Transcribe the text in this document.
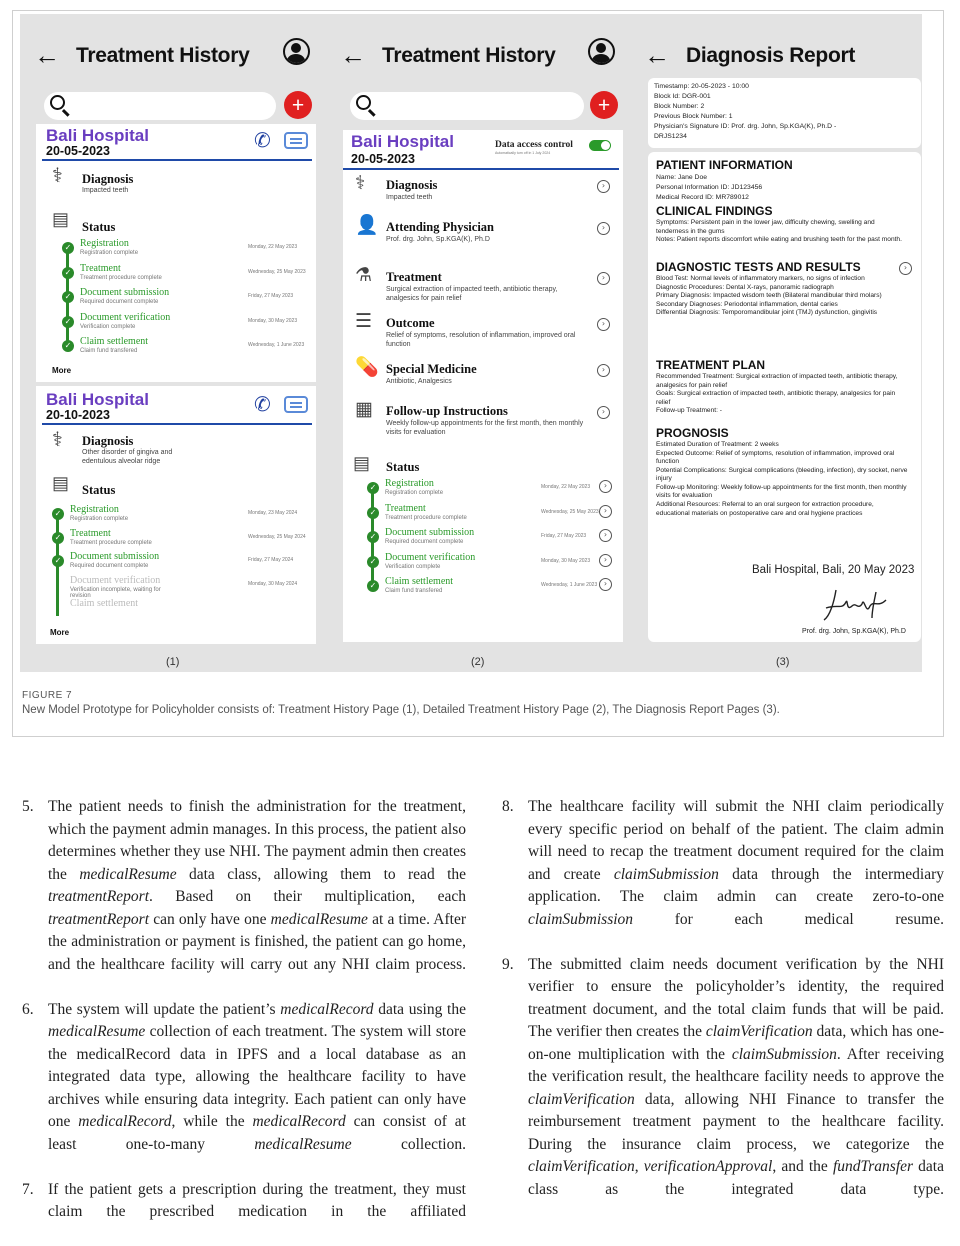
← Treatment History
+
Bali Hospital
20-05-2023	✆
⚕ Diagnosis
Impacted teeth
▤ Status
✓ Registration
Registration complete
Monday, 22 May 2023
✓ Treatment
Treatment procedure complete
Wednesday, 25 May 2023
✓ Document submission
Required document complete
Friday, 27 May 2023
✓ Document verification
Verification complete
Monday, 30 May 2023
✓ Claim settlement
Claim fund transfered
Wednesday, 1 June 2023
More
Bali Hospital
20-10-2023	✆
⚕ Diagnosis
Other disorder of gingiva and edentulous alveolar ridge
▤ Status
✓ Registration
Registration complete
Monday, 23 May 2024
✓ Treatment
Treatment procedure complete
Wednesday, 25 May 2024
✓ Document submission
Required document complete
Friday, 27 May 2024
Document verification
Verification incomplete, waiting for revision
Monday, 30 May 2024
Claim settlement
More
(1)
← Treatment History
+
Bali Hospital
20-05-2023
Data access control
Automatically turn off in 1 July 2024
⚕ Diagnosis
Impacted teeth
›
👤 Attending Physician
Prof. drg. John, Sp.KGA(K), Ph.D
›
⚗ Treatment
Surgical extraction of impacted teeth, antibiotic therapy, analgesics for pain relief
›
☰ Outcome
Relief of symptoms, resolution of inflammation, improved oral function
›
💊 Special Medicine
Antibiotic, Analgesics
›
▦ Follow-up Instructions
Weekly follow-up appointments for the first month, then monthly visits for evaluation
›
▤ Status
✓ Registration
Registration complete
Monday, 22 May 2023	›
✓ Treatment
Treatment procedure complete
Wednesday, 25 May 2023 ›
✓ Document submission
Required document complete
Friday, 27 May 2023	›
✓ Document verification
Verification complete
Monday, 30 May 2023	›
✓ Claim settlement
Claim fund transfered
Wednesday, 1 June 2023 ›
(2)
← Diagnosis Report
Timestamp: 20-05-2023 - 10:00
Block Id: DGR-001
Block Number: 2
Previous Block Number: 1
Physician's Signature ID: Prof. drg. John, Sp.KGA(K), Ph.D -
DRJS1234
PATIENT INFORMATION
Name: Jane Doe
Personal Information ID: JD123456
Medical Record ID: MR789012
CLINICAL FINDINGS
Symptoms: Persistent pain in the lower jaw, difficulty chewing, swelling and tenderness in the gums
Notes: Patient reports discomfort while eating and brushing teeth for the past month.
DIAGNOSTIC TESTS AND RESULTS	›
Blood Test: Normal levels of inflammatory markers, no signs of infection
Diagnostic Procedures: Dental X-rays, panoramic radiograph
Primary Diagnosis: Impacted wisdom teeth (Bilateral mandibular third molars)
Secondary Diagnoses: Periodontal inflammation, dental caries
Differential Diagnosis: Temporomandibular joint (TMJ) dysfunction, gingivitis
TREATMENT PLAN
Recommended Treatment: Surgical extraction of impacted teeth, antibiotic therapy, analgesics for pain relief
Goals: Surgical extraction of impacted teeth, antibiotic therapy, analgesics for pain relief
Follow-up Treatment: -
PROGNOSIS
Estimated Duration of Treatment: 2 weeks
Expected Outcome: Relief of symptoms, resolution of inflammation, improved oral function
Potential Complications: Surgical complications (bleeding, infection), dry socket, nerve injury
Follow-up Monitoring: Weekly follow-up appointments for the first month, then monthly visits for evaluation
Additional Resources: Referral to an oral surgeon for extraction procedure, educational materials on postoperative care and oral hygiene practices
Bali Hospital, Bali, 20 May 2023
Prof. drg. John, Sp.KGA(K), Ph.D
(3)
FIGURE 7
New Model Prototype for Policyholder consists of: Treatment History Page (1), Detailed Treatment History Page (2), The Diagnosis Report Pages (3).
5. The patient needs to finish the administration for the treatment, which the payment admin manages. In this process, the patient also determines whether they use NHI. The payment admin then creates the medicalResume data class, allowing them to read the treatmentReport. Based on their multiplication, each treatmentReport can only have one medicalResume at a time. After the administration or payment is finished, the patient can go home, and the healthcare facility will carry out any NHI claim process.

6. The system will update the patient’s medicalRecord data using the medicalResume collection of each treatment. The system will store the medicalRecord data in IPFS and a local database as an integrated data type, allowing the healthcare facility to have archives while ensuring data integrity. Each patient can only have one medicalRecord, while the medicalRecord can consist of at least one-to-many medicalResume collection.

7. If the patient gets a prescription during the treatment, they must claim the prescribed medication in the affiliated

8. The healthcare facility will submit the NHI claim periodically every specific period on behalf of the patient. The claim admin will need to recap the treatment document required for the claim and create claimSubmission data through the intermediary application. The claim admin can create zero-to-one claimSubmission for each medical resume.

9. The submitted claim needs document verification by the NHI verifier to ensure the policyholder’s identity, the required treatment document, and the total claim funds that will be paid. The verifier then creates the claimVerification data, which has one-on-one multiplication with the claimSubmission. After receiving the verification result, the healthcare facility needs to approve the claimVerification data, allowing NHI Finance to transfer the reimbursement treatment payment to the healthcare facility. During the insurance claim process, we categorize the claimVerification, verificationApproval, and the fundTransfer data class as the integrated data type.
